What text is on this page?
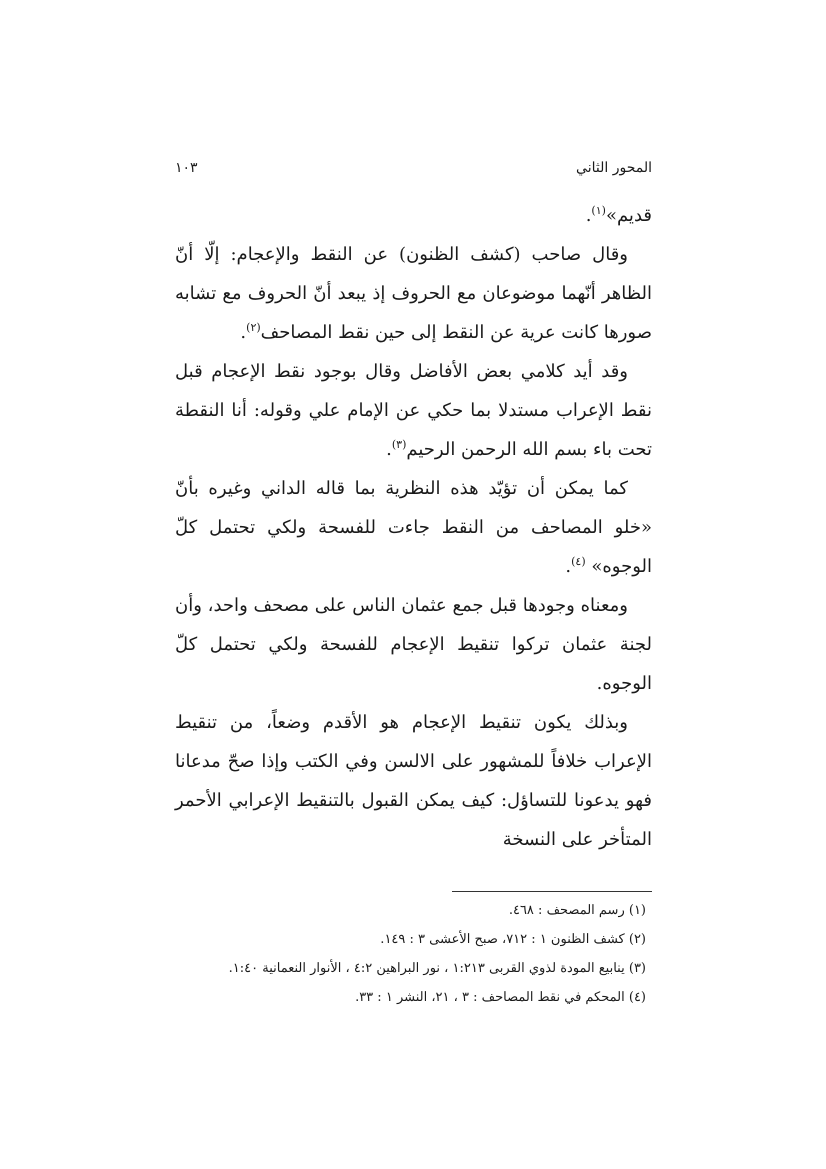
المحور الثاني
١٠٣

قديم»$^{(١)}$.

وقال صاحب (كشف الظنون) عن النقط والإعجام: إلّا أنّ الظاهر أنّهما موضوعان مع الحروف إذ يبعد أنّ الحروف مع تشابه صورها كانت عرية عن النقط إلى حين نقط المصاحف$^{(٢)}$.

وقد أيد كلامي بعض الأفاضل وقال بوجود نقط الإعجام قبل نقط الإعراب مستدلا بما حكي عن الإمام علي وقوله: أنا النقطة تحت باء بسم الله الرحمن الرحيم$^{(٣)}$.

كما يمكن أن تؤيّد هذه النظرية بما قاله الداني وغيره بأنّ «خلو المصاحف من النقط جاءت للفسحة ولكي تحتمل كلّ الوجوه» $^{(٤)}$.

ومعناه وجودها قبل جمع عثمان الناس على مصحف واحد، وأن لجنة عثمان تركوا تنقيط الإعجام للفسحة ولكي تحتمل كلّ الوجوه.

وبذلك يكون تنقيط الإعجام هو الأقدم وضعاً، من تنقيط الإعراب خلافاً للمشهور على الالسن وفي الكتب وإذا صحّ مدعانا فهو يدعونا للتساؤل: كيف يمكن القبول بالتنقيط الإعرابي الأحمر المتأخر على النسخة

(١) رسم المصحف : ٤٦٨.
(٢) كشف الظنون ١ : ٧١٢، صبح الأعشى ٣ : ١٤٩.
(٣) ينابيع المودة لذوي القربى ١:٢١٣ ، نور البراهين ٤:٢ ، الأنوار النعمانية ١:٤٠.
(٤) المحكم في نقط المصاحف : ٣ ، ٢١، النشر ١ : ٣٣.
